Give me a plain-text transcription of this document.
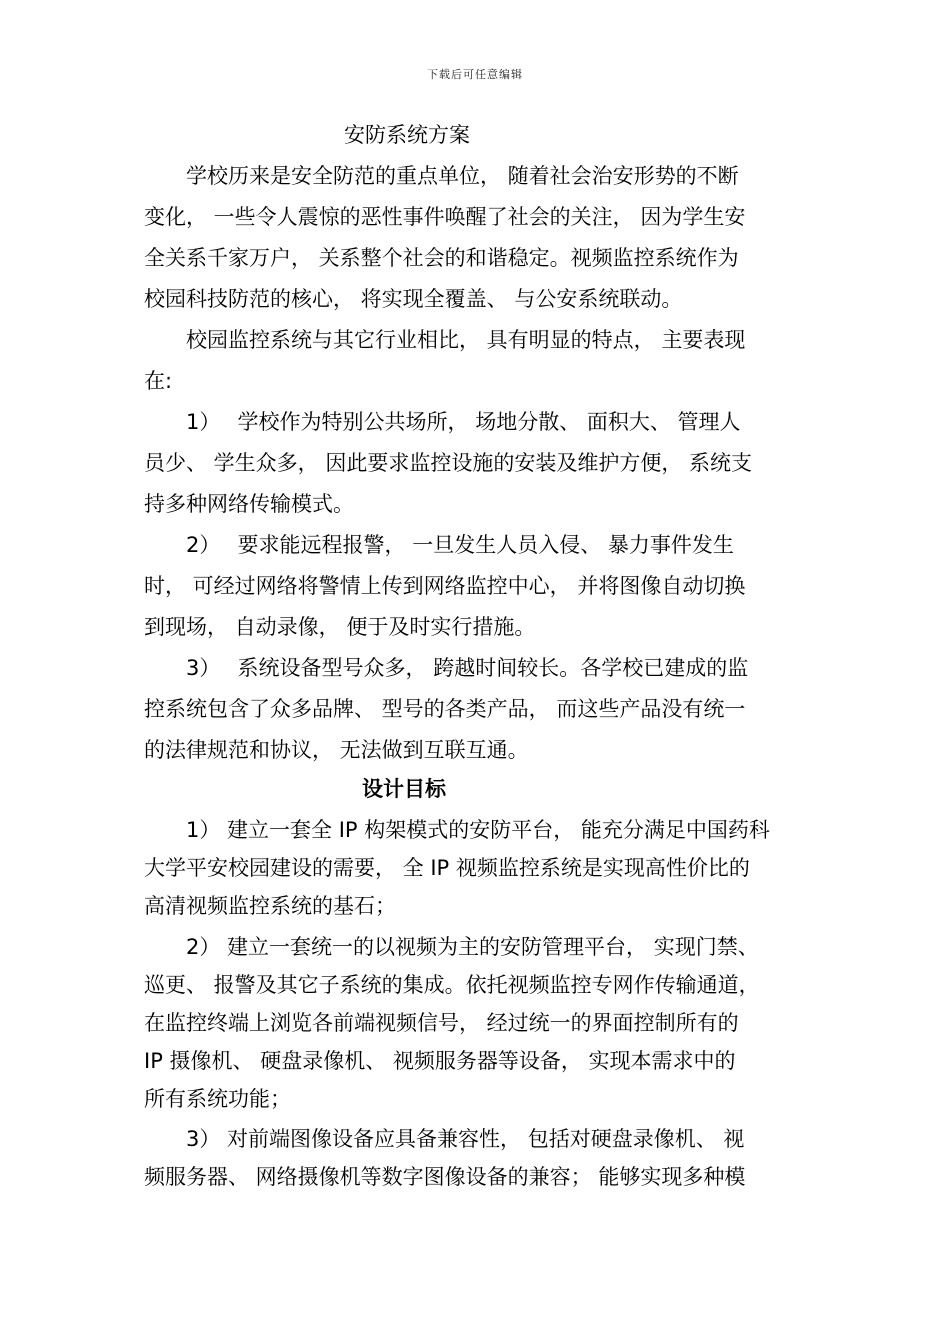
下载后可任意编辑
安防系统方案
　　学校历来是安全防范的重点单位， 随着社会治安形势的不断
变化， 一些令人震惊的恶性事件唤醒了社会的关注， 因为学生安
全关系千家万户， 关系整个社会的和谐稳定。视频监控系统作为
校园科技防范的核心， 将实现全覆盖、 与公安系统联动。
　　校园监控系统与其它行业相比， 具有明显的特点， 主要表现
在:
　　1）　 学校作为特别公共场所， 场地分散、 面积大、 管理人
员少、 学生众多， 因此要求监控设施的安装及维护方便， 系统支
持多种网络传输模式。
　　2）　 要求能远程报警， 一旦发生人员入侵、 暴力事件发生
时， 可经过网络将警情上传到网络监控中心， 并将图像自动切换
到现场， 自动录像， 便于及时实行措施。
　　3）　 系统设备型号众多， 跨越时间较长。各学校已建成的监
控系统包含了众多品牌、 型号的各类产品， 而这些产品没有统一
的法律规范和协议， 无法做到互联互通。
设计目标
　　1） 建立一套全 IP 构架模式的安防平台， 能充分满足中国药科
大学平安校园建设的需要， 全 IP 视频监控系统是实现高性价比的
高清视频监控系统的基石；
　　2） 建立一套统一的以视频为主的安防管理平台， 实现门禁、
巡更、 报警及其它子系统的集成。依托视频监控专网作传输通道，
在监控终端上浏览各前端视频信号， 经过统一的界面控制所有的
IP 摄像机、 硬盘录像机、 视频服务器等设备， 实现本需求中的
所有系统功能；
　　3） 对前端图像设备应具备兼容性， 包括对硬盘录像机、 视
频服务器、 网络摄像机等数字图像设备的兼容； 能够实现多种模
